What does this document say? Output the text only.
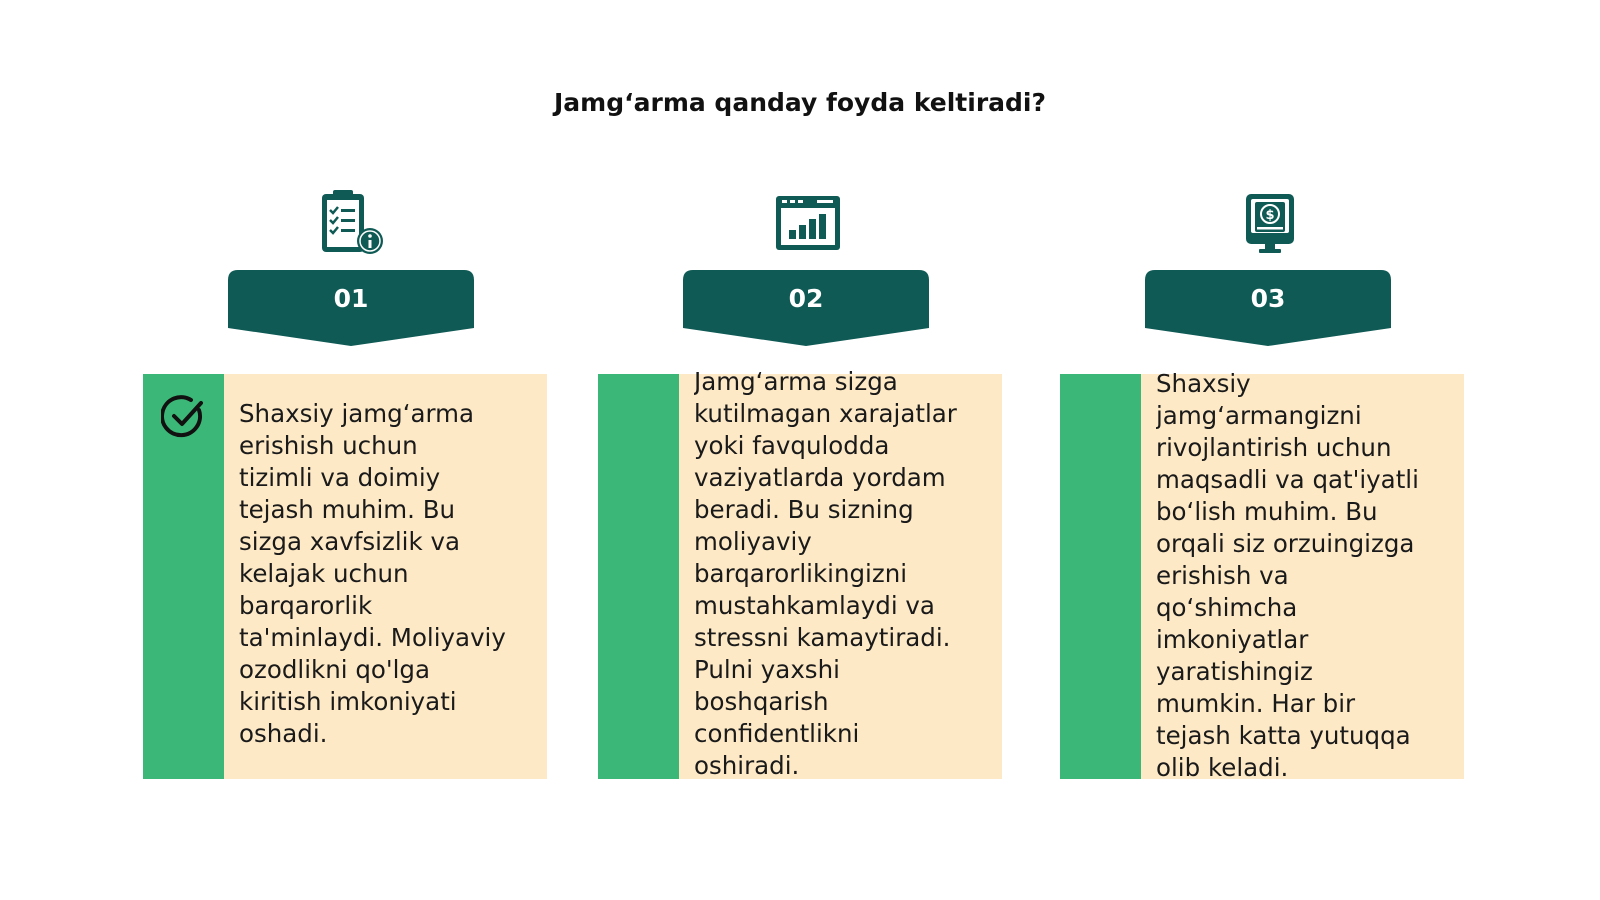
Jamg‘arma qanday foyda keltiradi?
01
Shaxsiy jamg‘arma
erishish uchun
tizimli va doimiy
tejash muhim. Bu
sizga xavfsizlik va
kelajak uchun
barqarorlik
ta'minlaydi. Moliyaviy
ozodlikni qo'lga
kiritish imkoniyati
oshadi.
02
Jamg‘arma sizga
kutilmagan xarajatlar
yoki favqulodda
vaziyatlarda yordam
beradi. Bu sizning
moliyaviy
barqarorlikingizni
mustahkamlaydi va
stressni kamaytiradi.
Pulni yaxshi
boshqarish
confidentlikni
oshiradi.
$
03
Shaxsiy
jamg‘armangizni
rivojlantirish uchun
maqsadli va qat'iyatli
bo‘lish muhim. Bu
orqali siz orzuingizga
erishish va
qo‘shimcha
imkoniyatlar
yaratishingiz
mumkin. Har bir
tejash katta yutuqqa
olib keladi.
